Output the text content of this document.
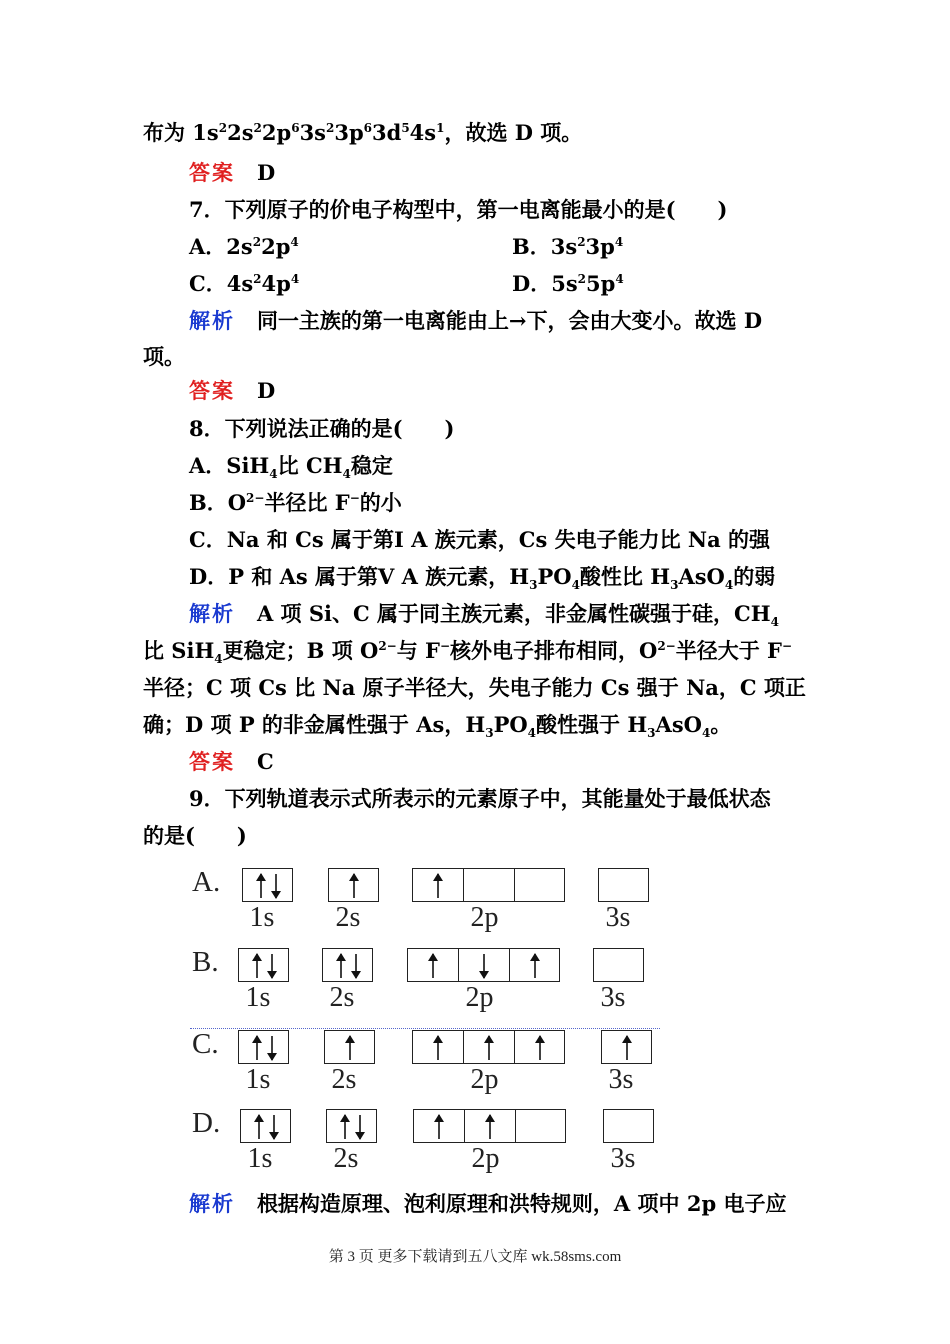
布为 $1s^22s^22p^63s^23p^63d^54s^1$，故选 D 项。
答案 D
7．下列原子的价电子构型中，第一电离能最小的是(　　)
A．$2s^22p^4$	B．$3s^23p^4$
C．$4s^24p^4$	D．$5s^25p^4$
解析 同一主族的第一电离能由上→下，会由大变小。故选 D
项。
答案 D
8．下列说法正确的是(　　)
A．SiH$_4$比 $CH_4$稳定
B．$O^{2-}$半径比 F−的小
C．Na 和 Cs 属于第Ⅰ A 族元素，Cs 失电子能力比 Na 的强
D．P 和 As 属于第Ⅴ A 族元素，$H_3PO_4$酸性比 $H_3AsO_4$的弱
解析 A 项 Si、C 属于同主族元素，非金属性碳强于硅，$CH_4$
比 SiH$_4$更稳定；B 项 $O^{2-}$与 F−核外电子排布相同，$O^{2-}$半径大于 F−
半径；C 项 Cs 比 Na 原子半径大，失电子能力 Cs 强于 Na，C 项正
确；D 项 P 的非金属性强于 As，$H_3PO_4$酸性强于 $H_3AsO_4$。
答案 C
9．下列轨道表示式所表示的元素原子中，其能量处于最低状态
的是(　　)
A.
1s 2s	2p	3s
B.
1s 2s	2p	3s
C.
1s 2s	2p	3s
D.
1s 2s	2p	3s
解析 根据构造原理、泡利原理和洪特规则，A 项中 2p 电子应
第 3 页 更多下载请到五八文库 wk.58sms.com
